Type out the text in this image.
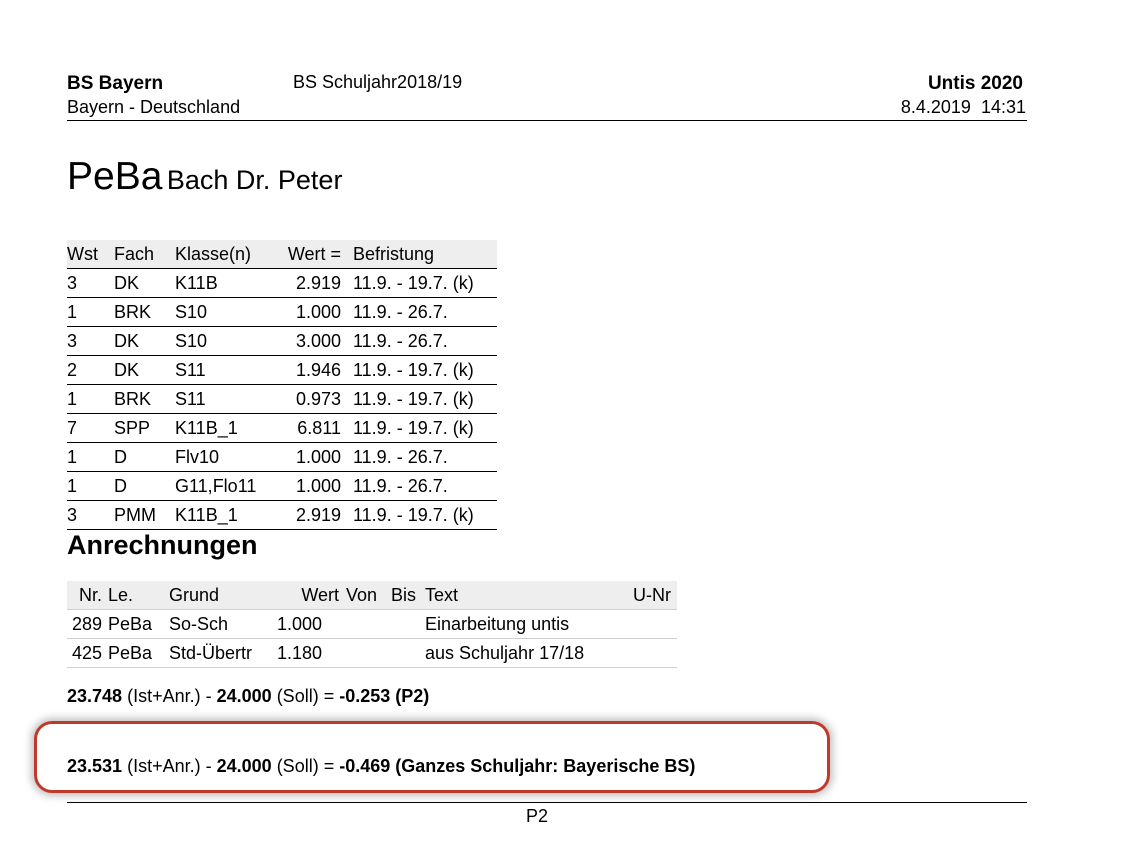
BS Bayern	BS Schuljahr2018/19	Untis 2020
Bayern - Deutschland	8.4.2019 14:31
PeBa Bach Dr. Peter
Wst	Fach	Klasse(n)	Wert =	Befristung
3	DK	K11B	2.919	11.9. - 19.7. (k)
1	BRK	S10	1.000	11.9. - 26.7.
3	DK	S10	3.000	11.9. - 26.7.
2	DK	S11	1.946	11.9. - 19.7. (k)
1	BRK	S11	0.973	11.9. - 19.7. (k)
7	SPP	K11B_1	6.811	11.9. - 19.7. (k)
1	D	Flv10	1.000	11.9. - 26.7.
1	D	G11,Flo11	1.000	11.9. - 26.7.
3	PMM	K11B_1	2.919	11.9. - 19.7. (k)
Anrechnungen
Nr.	Le.	Grund	Wert	Von	Bis	Text	U-Nr
289	PeBa	So-Sch	1.000			Einarbeitung untis	
425	PeBa	Std-Übertr	1.180			aus Schuljahr 17/18	
23.748 (Ist+Anr.) - 24.000 (Soll) = -0.253 (P2)
23.531 (Ist+Anr.) - 24.000 (Soll) = -0.469 (Ganzes Schuljahr: Bayerische BS)
P2
